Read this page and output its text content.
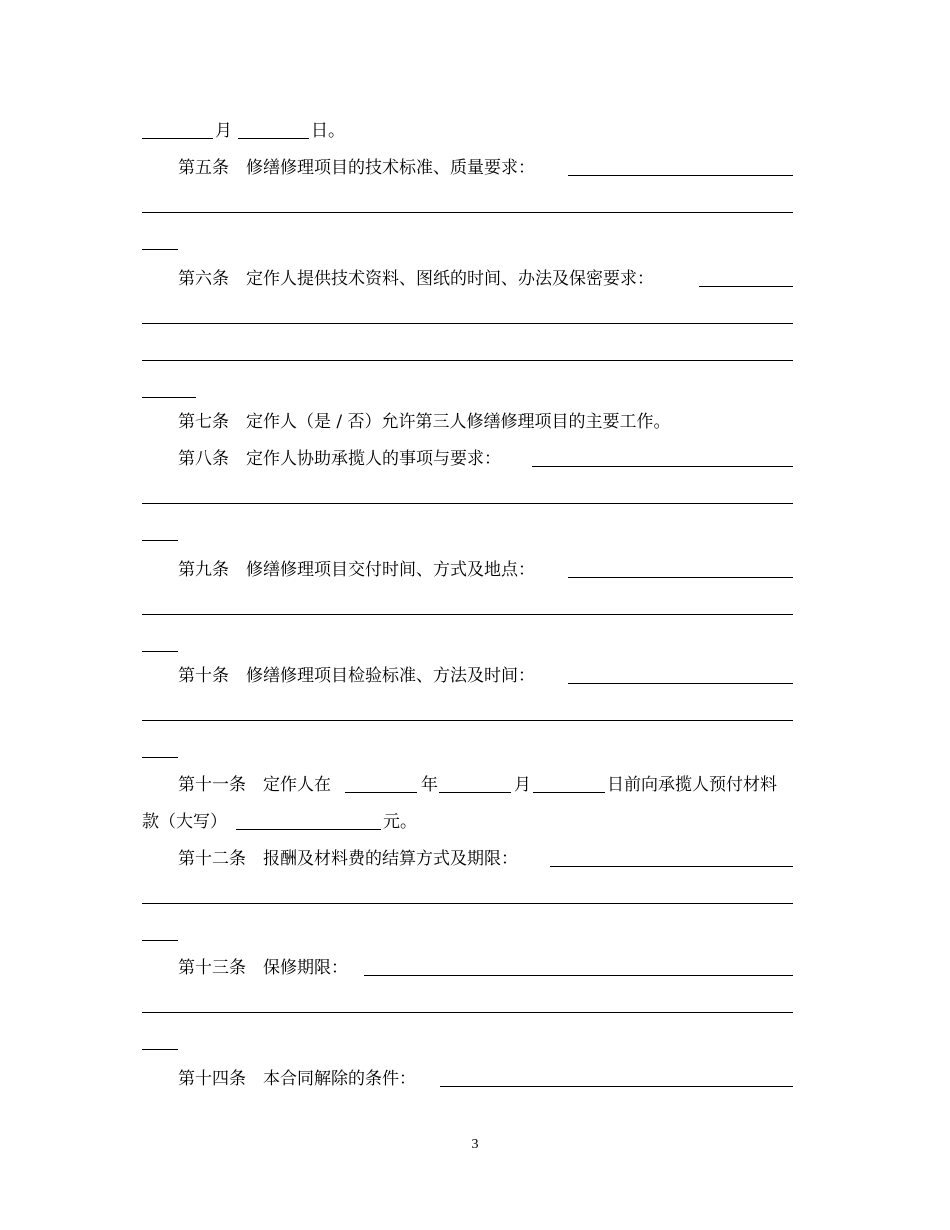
月	日。
第五条　修缮修理项目的技术标准、质量要求：
第六条　定作人提供技术资料、图纸的时间、办法及保密要求：
第七条　定作人（是 / 否）允许第三人修缮修理项目的主要工作。
第八条　定作人协助承揽人的事项与要求：
第九条　修缮修理项目交付时间、方式及地点：
第十条　修缮修理项目检验标准、方法及时间：
第十一条　定作人在	年	月	日前向承揽人预付材料
款（大写）	元。
第十二条　报酬及材料费的结算方式及期限：
第十三条　保修期限：
第十四条　本合同解除的条件：
3
